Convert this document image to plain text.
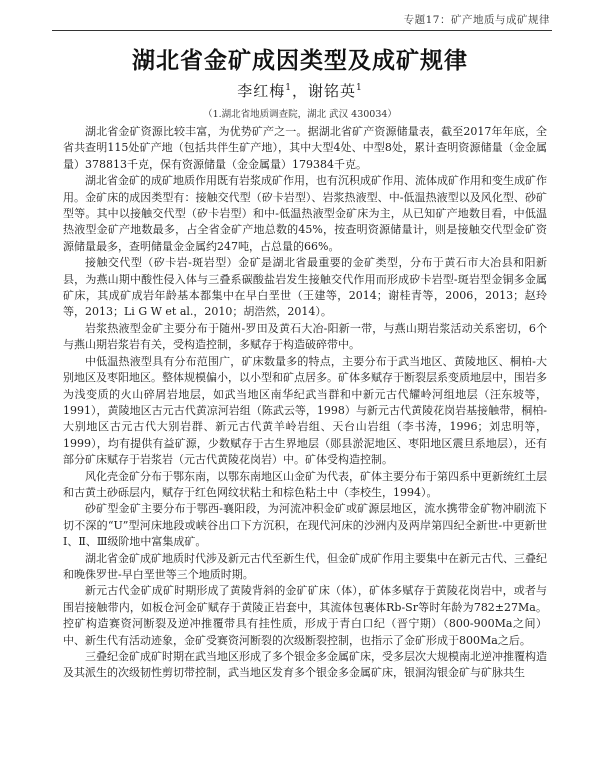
专题17：矿产地质与成矿规律
湖北省金矿成因类型及成矿规律
李红梅$^1$，谢铭英$^1$
（1.湖北省地质调查院，湖北 武汉 430034）

湖北省金矿资源比较丰富，为优势矿产之一。据湖北省矿产资源储量表，截至2017年年底，全省共查明115处矿产地（包括共伴生矿产地），其中大型4处、中型8处，累计查明资源储量（金金属量）378813千克，保有资源储量（金金属量）179384千克。

湖北省金矿的成矿地质作用既有岩浆成矿作用，也有沉积成矿作用、流体成矿作用和变生成矿作用。金矿床的成因类型有：接触交代型（矽卡岩型）、岩浆热液型、中-低温热液型以及风化型、砂矿型等。其中以接触交代型（矽卡岩型）和中-低温热液型金矿床为主，从已知矿产地数目看，中低温热液型金矿产地数最多，占全省金矿产地总数的45%，按查明资源储量计，则是接触交代型金矿资源储量最多，查明储量金金属约247吨，占总量的66%。

接触交代型（矽卡岩-斑岩型）金矿是湖北省最重要的金矿类型，分布于黄石市大冶县和阳新县，为燕山期中酸性侵入体与三叠系碳酸盐岩发生接触交代作用而形成矽卡岩型-斑岩型金铜多金属矿床，其成矿成岩年龄基本都集中在早白垩世（王建等，2014；谢桂青等，2006，2013；赵玲等，2013；Li G W et al.，2010；胡浩然，2014）。

岩浆热液型金矿主要分布于随州-罗田及黄石大冶-阳新一带，与燕山期岩浆活动关系密切，6个与燕山期岩浆岩有关，受构造控制，多赋存于构造破碎带中。

中低温热液型具有分布范围广，矿床数量多的特点，主要分布于武当地区、黄陵地区、桐柏-大别地区及枣阳地区。整体规模偏小，以小型和矿点居多。矿体多赋存于断裂层系变质地层中，围岩多为浅变质的火山碎屑岩地层，如武当地区南华纪武当群和中新元古代耀岭河组地层（汪东坡等，1991），黄陵地区古元古代黄凉河岩组（陈武云等，1998）与新元古代黄陵花岗岩基接触带，桐柏-大别地区古元古代大别岩群、新元古代黄羊岭岩组、天台山岩组（李书涛，1996；刘忠明等，1999），均有提供有益矿源，少数赋存于古生界地层（郧县淤泥地区、枣阳地区震旦系地层），还有部分矿床赋存于岩浆岩（元古代黄陵花岗岩）中。矿体受构造控制。

风化壳金矿分布于鄂东南，以鄂东南地区山金矿为代表，矿体主要分布于第四系中更新统红土层和古黄土砂砾层内，赋存于红色网纹状粘土和棕色粘土中（李校生，1994）。

砂矿型金矿主要分布于鄂西-襄阳段，为河流冲积金矿或矿源层地区，流水携带金矿物冲刷流下切不深的“U”型河床地段或峡谷出口下方沉积，在现代河床的沙洲内及两岸第四纪全新世-中更新世Ⅰ、Ⅱ、Ⅲ级阶地中富集成矿。

湖北省金矿成矿地质时代涉及新元古代至新生代，但金矿成矿作用主要集中在新元古代、三叠纪和晚侏罗世-早白垩世等三个地质时期。

新元古代金矿成矿时期形成了黄陵背斜的金矿矿床（体），矿体多赋存于黄陵花岗岩中，或者与围岩接触带内，如板仓河金矿赋存于黄陵正岩套中，其流体包裹体Rb-Sr等时年龄为782±27Ma。控矿构造赛资河断裂及逆冲推覆带具有挂性质，形成于青白口纪（晋宁期）（800-900Ma之间）中、新生代有活动迹象，金矿受赛资河断裂的次级断裂控制，也指示了金矿形成于800Ma之后。

三叠纪金矿成矿时期在武当地区形成了多个银金多金属矿床，受多层次大规模南北逆冲推覆构造及其派生的次级韧性剪切带控制，武当地区发育多个银金多金属矿床，银洞沟银金矿与矿脉共生
